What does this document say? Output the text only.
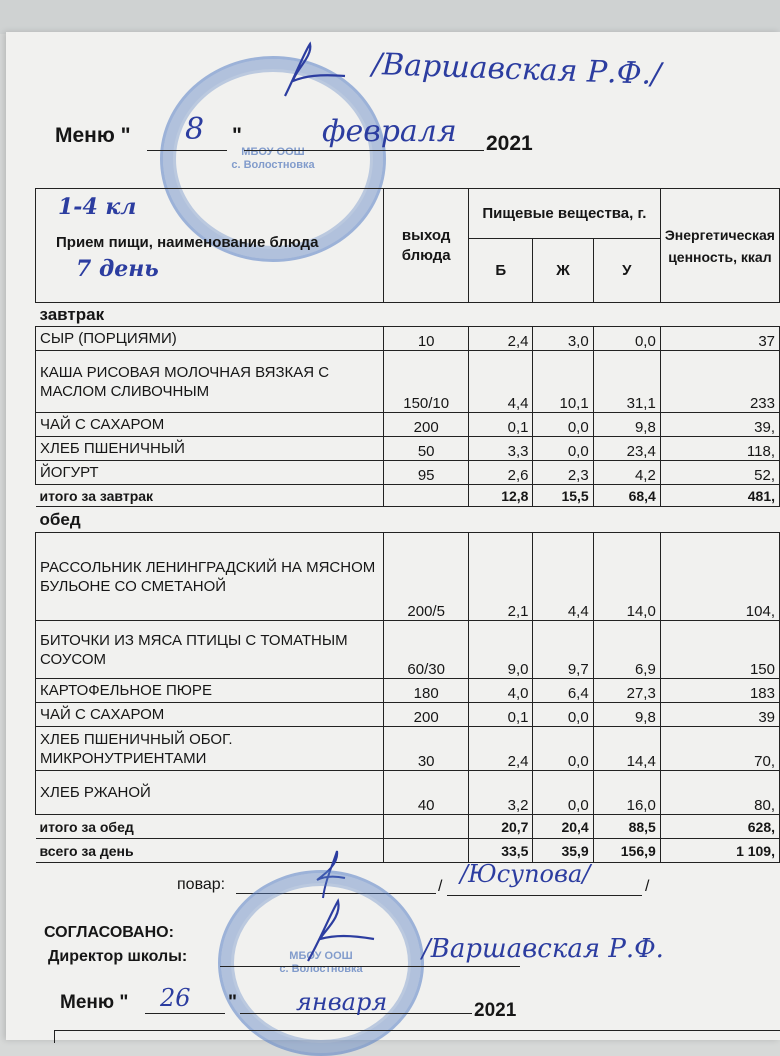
МБОУ ООШ
с. Волостновка
/Варшавская Р.Ф./
Меню " 8 "	февраля 2021
1-4 кл
Прием пищи, наименование блюда
7 день	выход блюда	Пищевые вещества, г.			Энергетическая ценность, ккал
		Б	Ж	У	
завтрак					
СЫР (ПОРЦИЯМИ)	10	2,4	3,0	0,0	37
КАША РИСОВАЯ МОЛОЧНАЯ ВЯЗКАЯ С МАСЛОМ СЛИВОЧНЫМ	150/10	4,4	10,1	31,1	233
ЧАЙ С САХАРОМ	200	0,1	0,0	9,8	39,
ХЛЕБ ПШЕНИЧНЫЙ	50	3,3	0,0	23,4	118,
ЙОГУРТ	95	2,6	2,3	4,2	52,
итого за завтрак		12,8	15,5	68,4	481,
обед					
РАССОЛЬНИК ЛЕНИНГРАДСКИЙ НА МЯСНОМ БУЛЬОНЕ СО СМЕТАНОЙ	200/5	2,1	4,4	14,0	104,
БИТОЧКИ ИЗ МЯСА ПТИЦЫ С ТОМАТНЫМ СОУСОМ	60/30	9,0	9,7	6,9	150
КАРТОФЕЛЬНОЕ ПЮРЕ	180	4,0	6,4	27,3	183
ЧАЙ С САХАРОМ	200	0,1	0,0	9,8	39
ХЛЕБ ПШЕНИЧНЫЙ ОБОГ. МИКРОНУТРИЕНТАМИ	30	2,4	0,0	14,4	70,
ХЛЕБ РЖАНОЙ	40	3,2	0,0	16,0	80,
итого за обед		20,7	20,4	88,5	628,
всего за день		33,5	35,9	156,9	1 109,
повар:	/ /Юсупова/	/
МБОУ ООШ
с. Волостновка
СОГЛАСОВАНО:
Директор школы:	/Варшавская Р.Ф.
Меню " 26 " января	2021
